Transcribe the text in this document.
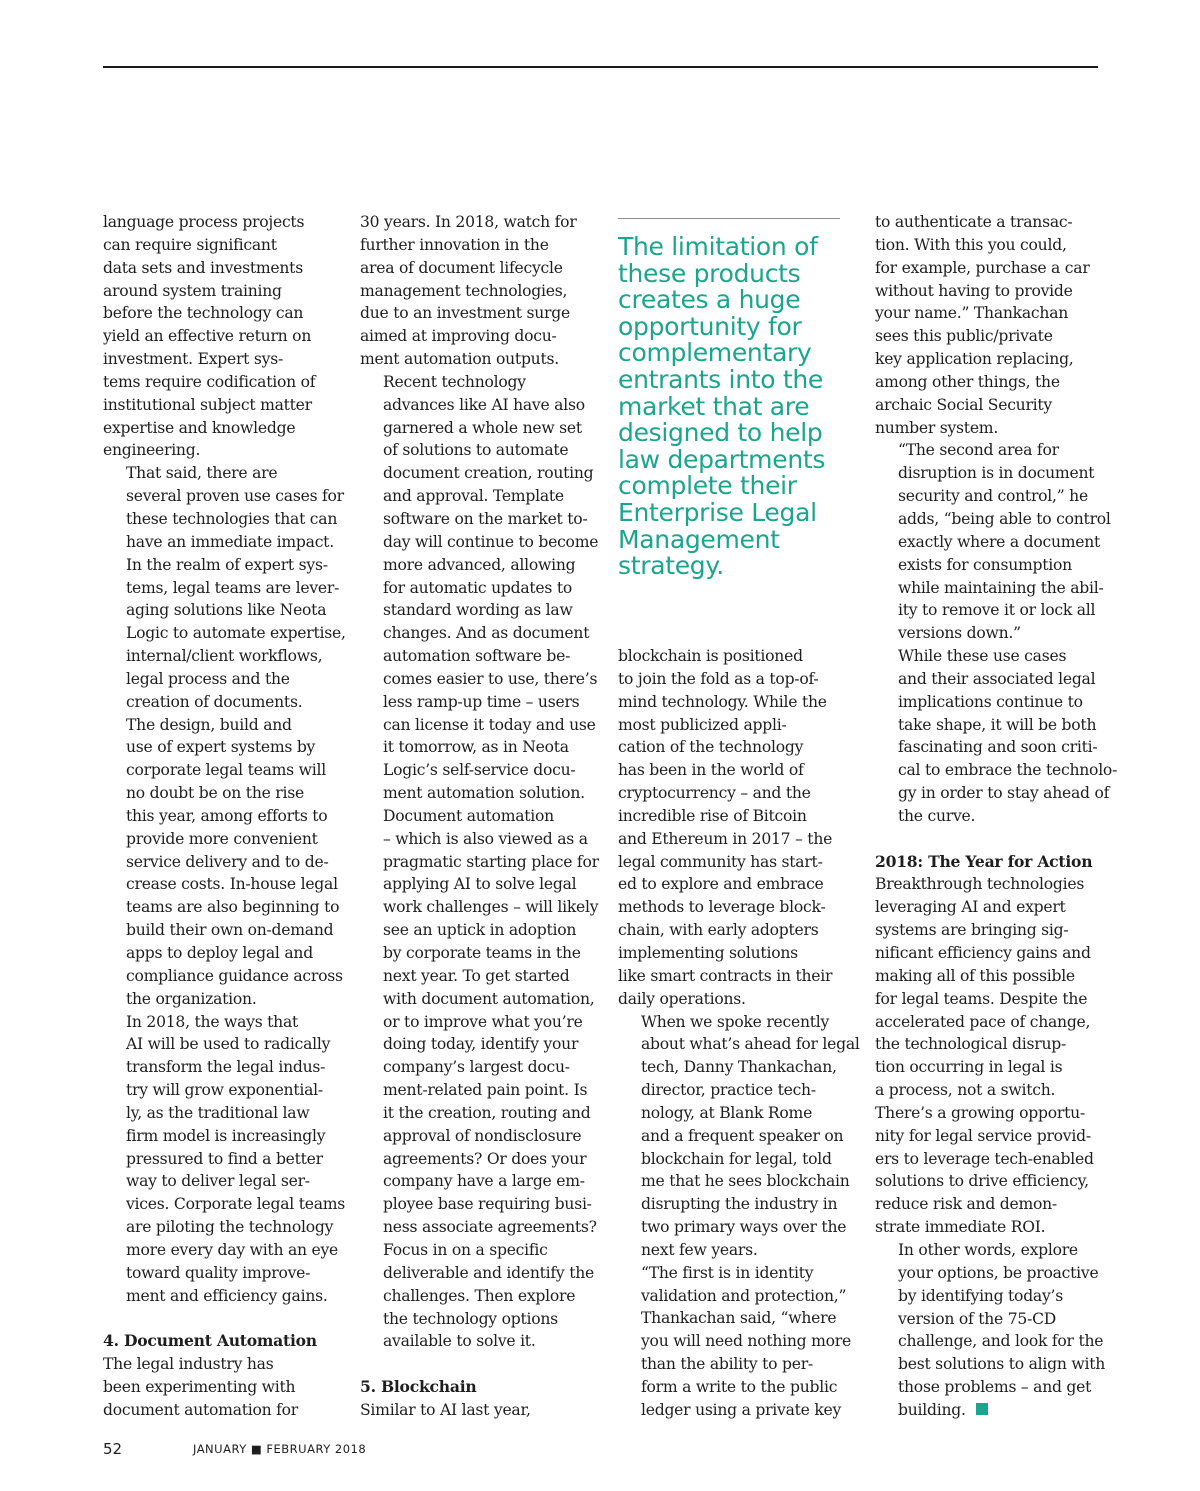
language process projects
can require significant
data sets and investments
around system training
before the technology can
yield an effective return on
investment. Expert sys-
tems require codification of
institutional subject matter
expertise and knowledge
engineering.

That said, there are
several proven use cases for
these technologies that can
have an immediate impact.
In the realm of expert sys-
tems, legal teams are lever-
aging solutions like Neota
Logic to automate expertise,
internal/client workflows,
legal process and the
creation of documents.

The design, build and
use of expert systems by
corporate legal teams will
no doubt be on the rise
this year, among efforts to
provide more convenient
service delivery and to de-
crease costs. In-house legal
teams are also beginning to
build their own on-demand
apps to deploy legal and
compliance guidance across
the organization.

In 2018, the ways that
AI will be used to radically
transform the legal indus-
try will grow exponential-
ly, as the traditional law
firm model is increasingly
pressured to find a better
way to deliver legal ser-
vices. Corporate legal teams
are piloting the technology
more every day with an eye
toward quality improve-
ment and efficiency gains.

4. Document Automation

The legal industry has
been experimenting with
document automation for

30 years. In 2018, watch for
further innovation in the
area of document lifecycle
management technologies,
due to an investment surge
aimed at improving docu-
ment automation outputs.

Recent technology
advances like AI have also
garnered a whole new set
of solutions to automate
document creation, routing
and approval. Template
software on the market to-
day will continue to become
more advanced, allowing
for automatic updates to
standard wording as law
changes. And as document
automation software be-
comes easier to use, there’s
less ramp-up time – users
can license it today and use
it tomorrow, as in Neota
Logic’s self-service docu-
ment automation solution.

Document automation
– which is also viewed as a
pragmatic starting place for
applying AI to solve legal
work challenges – will likely
see an uptick in adoption
by corporate teams in the
next year. To get started
with document automation,
or to improve what you’re
doing today, identify your
company’s largest docu-
ment-related pain point. Is
it the creation, routing and
approval of nondisclosure
agreements? Or does your
company have a large em-
ployee base requiring busi-
ness associate agreements?
Focus in on a specific
deliverable and identify the
challenges. Then explore
the technology options
available to solve it.

5. Blockchain

Similar to AI last year,

The limitation of
these products
creates a huge
opportunity for
complementary
entrants into the
market that are
designed to help
law departments
complete their
Enterprise Legal
Management
strategy.

blockchain is positioned
to join the fold as a top-of-
mind technology. While the
most publicized appli-
cation of the technology
has been in the world of
cryptocurrency – and the
incredible rise of Bitcoin
and Ethereum in 2017 – the
legal community has start-
ed to explore and embrace
methods to leverage block-
chain, with early adopters
implementing solutions
like smart contracts in their
daily operations.

When we spoke recently
about what’s ahead for legal
tech, Danny Thankachan,
director, practice tech-
nology, at Blank Rome
and a frequent speaker on
blockchain for legal, told
me that he sees blockchain
disrupting the industry in
two primary ways over the
next few years.

“The first is in identity
validation and protection,”
Thankachan said, “where
you will need nothing more
than the ability to per-
form a write to the public
ledger using a private key

to authenticate a transac-
tion. With this you could,
for example, purchase a car
without having to provide
your name.” Thankachan
sees this public/private
key application replacing,
among other things, the
archaic Social Security
number system.

“The second area for
disruption is in document
security and control,” he
adds, “being able to control
exactly where a document
exists for consumption
while maintaining the abil-
ity to remove it or lock all
versions down.”

While these use cases
and their associated legal
implications continue to
take shape, it will be both
fascinating and soon criti-
cal to embrace the technolo-
gy in order to stay ahead of
the curve.

2018: The Year for Action

Breakthrough technologies
leveraging AI and expert
systems are bringing sig-
nificant efficiency gains and
making all of this possible
for legal teams. Despite the
accelerated pace of change,
the technological disrup-
tion occurring in legal is
a process, not a switch.
There’s a growing opportu-
nity for legal service provid-
ers to leverage tech-enabled
solutions to drive efficiency,
reduce risk and demon-
strate immediate ROI.

In other words, explore
your options, be proactive
by identifying today’s
version of the 75-CD
challenge, and look for the
best solutions to align with
those problems – and get
building.

52	JANUARY ■ FEBRUARY 2018
